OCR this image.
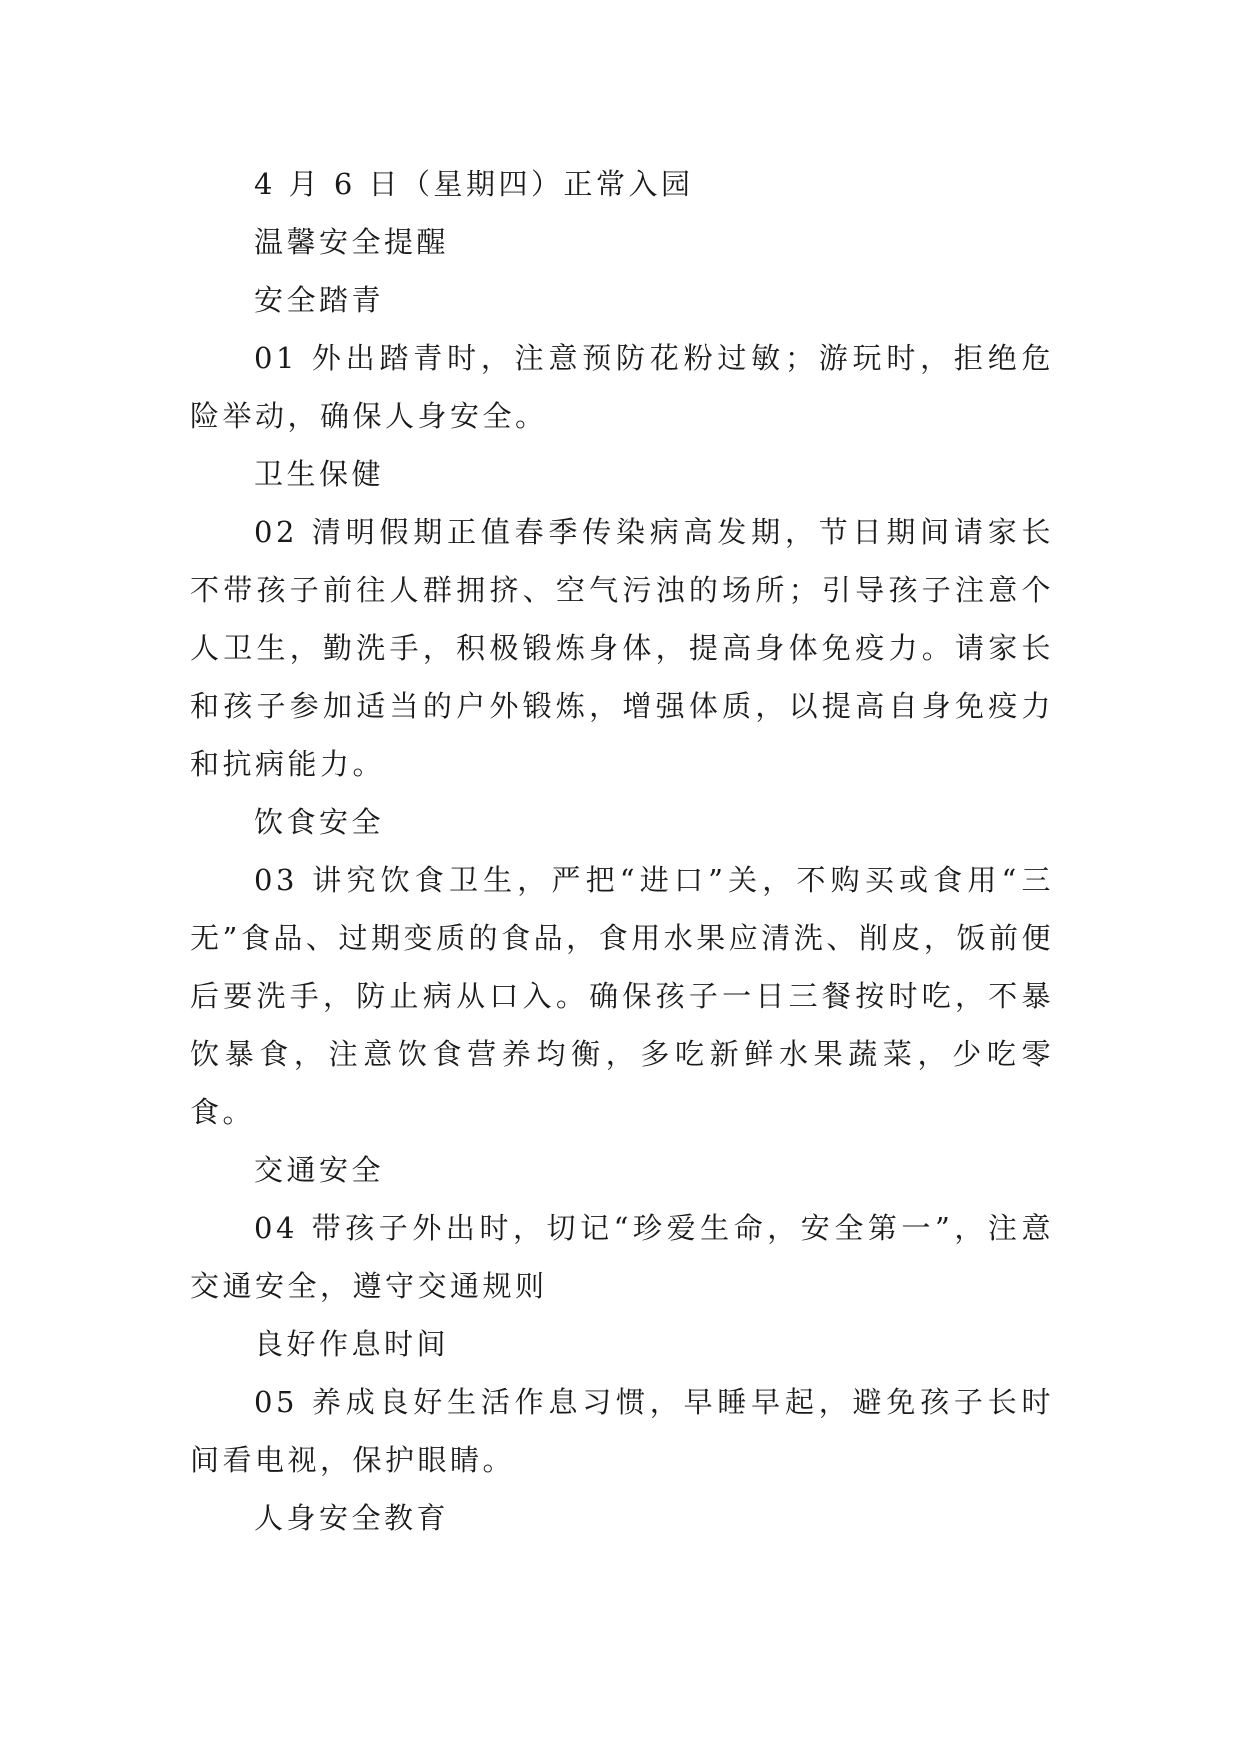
4 月 6 日（星期四）正常入园

温馨安全提醒

安全踏青

01 外出踏青时，注意预防花粉过敏；游玩时，拒绝危险举动，确保人身安全。

卫生保健

02 清明假期正值春季传染病高发期，节日期间请家长不带孩子前往人群拥挤、空气污浊的场所；引导孩子注意个人卫生，勤洗手，积极锻炼身体，提高身体免疫力。请家长和孩子参加适当的户外锻炼，增强体质，以提高自身免疫力和抗病能力。

饮食安全

03 讲究饮食卫生，严把“进口”关，不购买或食用“三无”食品、过期变质的食品，食用水果应清洗、削皮，饭前便后要洗手，防止病从口入。确保孩子一日三餐按时吃，不暴饮暴食，注意饮食营养均衡，多吃新鲜水果蔬菜，少吃零食。

交通安全

04 带孩子外出时，切记“珍爱生命，安全第一”，注意交通安全，遵守交通规则

良好作息时间

05 养成良好生活作息习惯，早睡早起，避免孩子长时间看电视，保护眼睛。

人身安全教育
